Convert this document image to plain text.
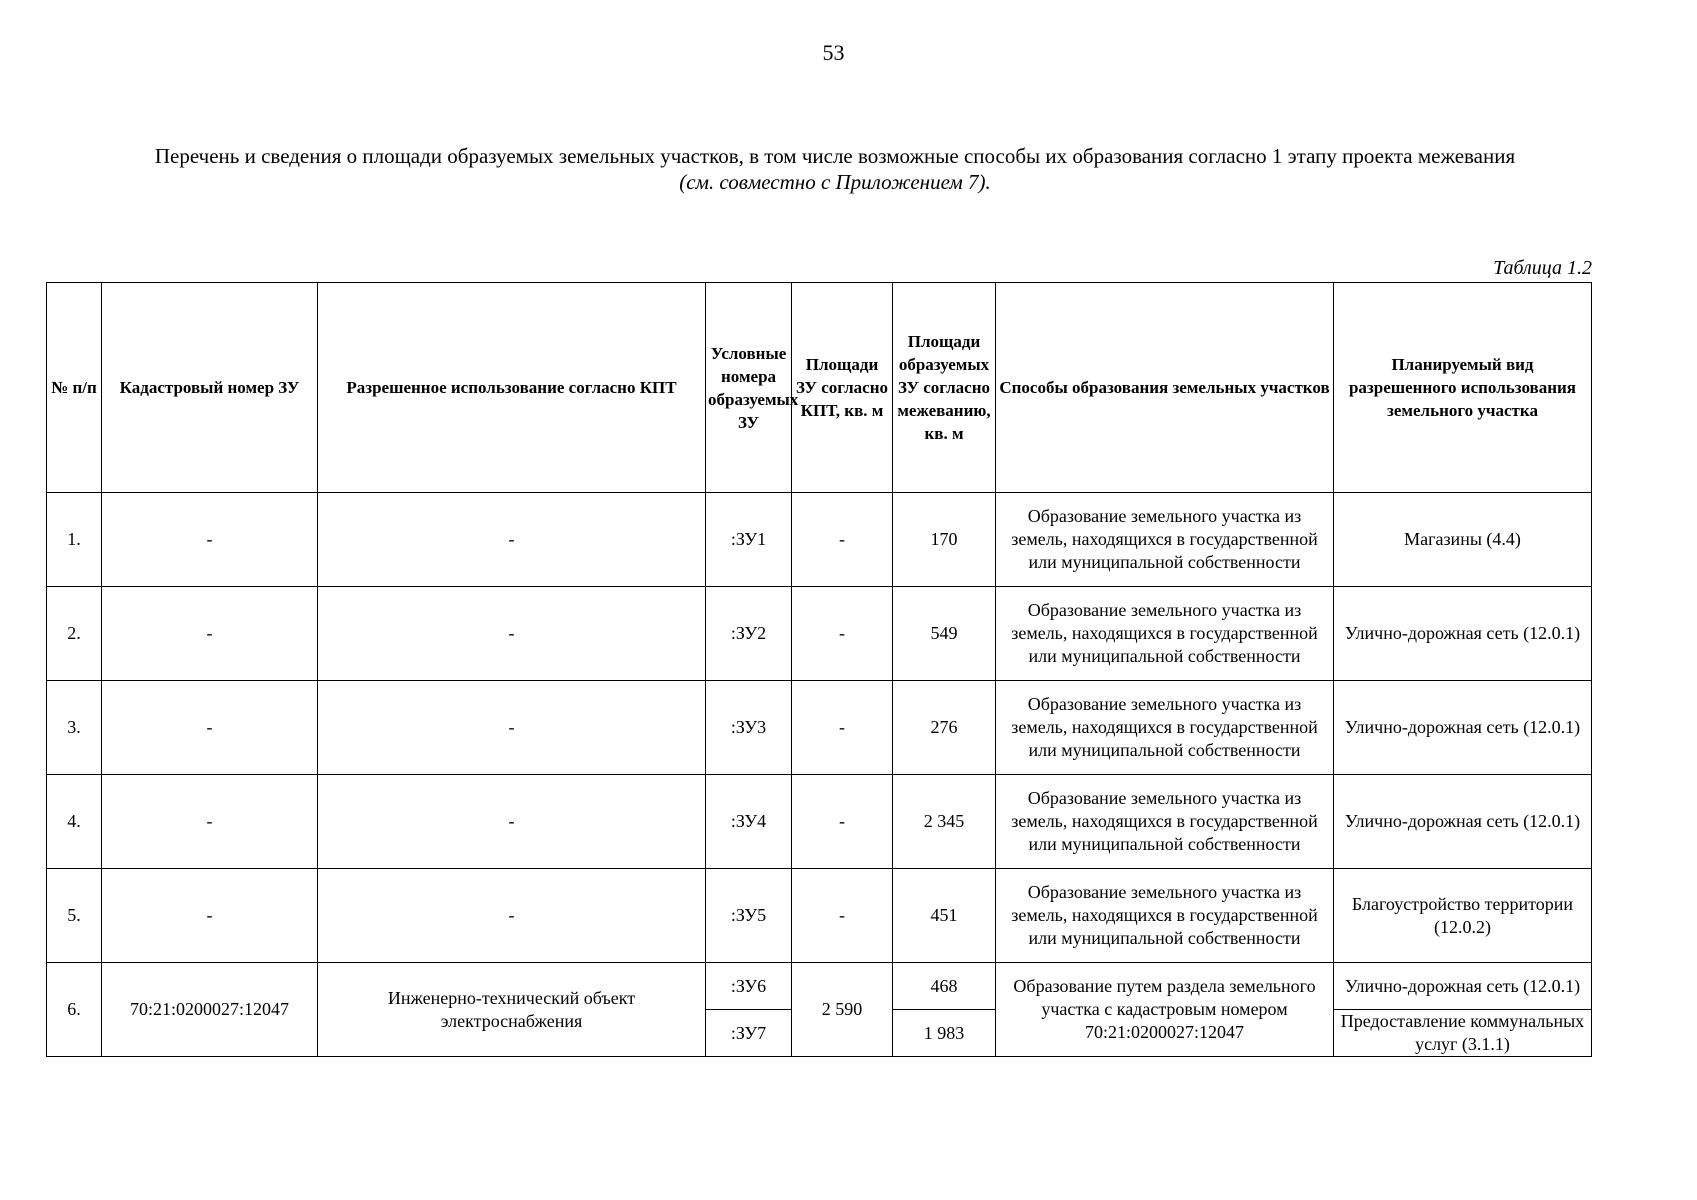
53
Перечень и сведения о площади образуемых земельных участков, в том числе возможные способы их образования согласно 1 этапу проекта межевания
(см. совместно с Приложением 7).
Таблица 1.2
№ п/п	Кадастровый номер ЗУ	Разрешенное использование согласно КПТ	Условные номера образуемых ЗУ	Площади ЗУ согласно КПТ, кв. м	Площади образуемых ЗУ согласно межеванию, кв. м	Способы образования земельных участков	Планируемый вид разрешенного использования земельного участка
1.	-	-	:ЗУ1	-	170	Образование земельного участка из земель, находящихся в государственной или муниципальной собственности	Магазины (4.4)
2.	-	-	:ЗУ2	-	549	Образование земельного участка из земель, находящихся в государственной или муниципальной собственности	Улично-дорожная сеть (12.0.1)
3.	-	-	:ЗУ3	-	276	Образование земельного участка из земель, находящихся в государственной или муниципальной собственности	Улично-дорожная сеть (12.0.1)
4.	-	-	:ЗУ4	-	2 345	Образование земельного участка из земель, находящихся в государственной или муниципальной собственности	Улично-дорожная сеть (12.0.1)
5.	-	-	:ЗУ5	-	451	Образование земельного участка из земель, находящихся в государственной или муниципальной собственности	Благоустройство территории (12.0.2)
6.	70:21:0200027:12047	Инженерно-технический объект электроснабжения	:ЗУ6	2 590	468	Образование путем раздела земельного участка с кадастровым номером 70:21:0200027:12047	Улично-дорожная сеть (12.0.1)
			:ЗУ7		1 983		Предоставление коммунальных услуг (3.1.1)
